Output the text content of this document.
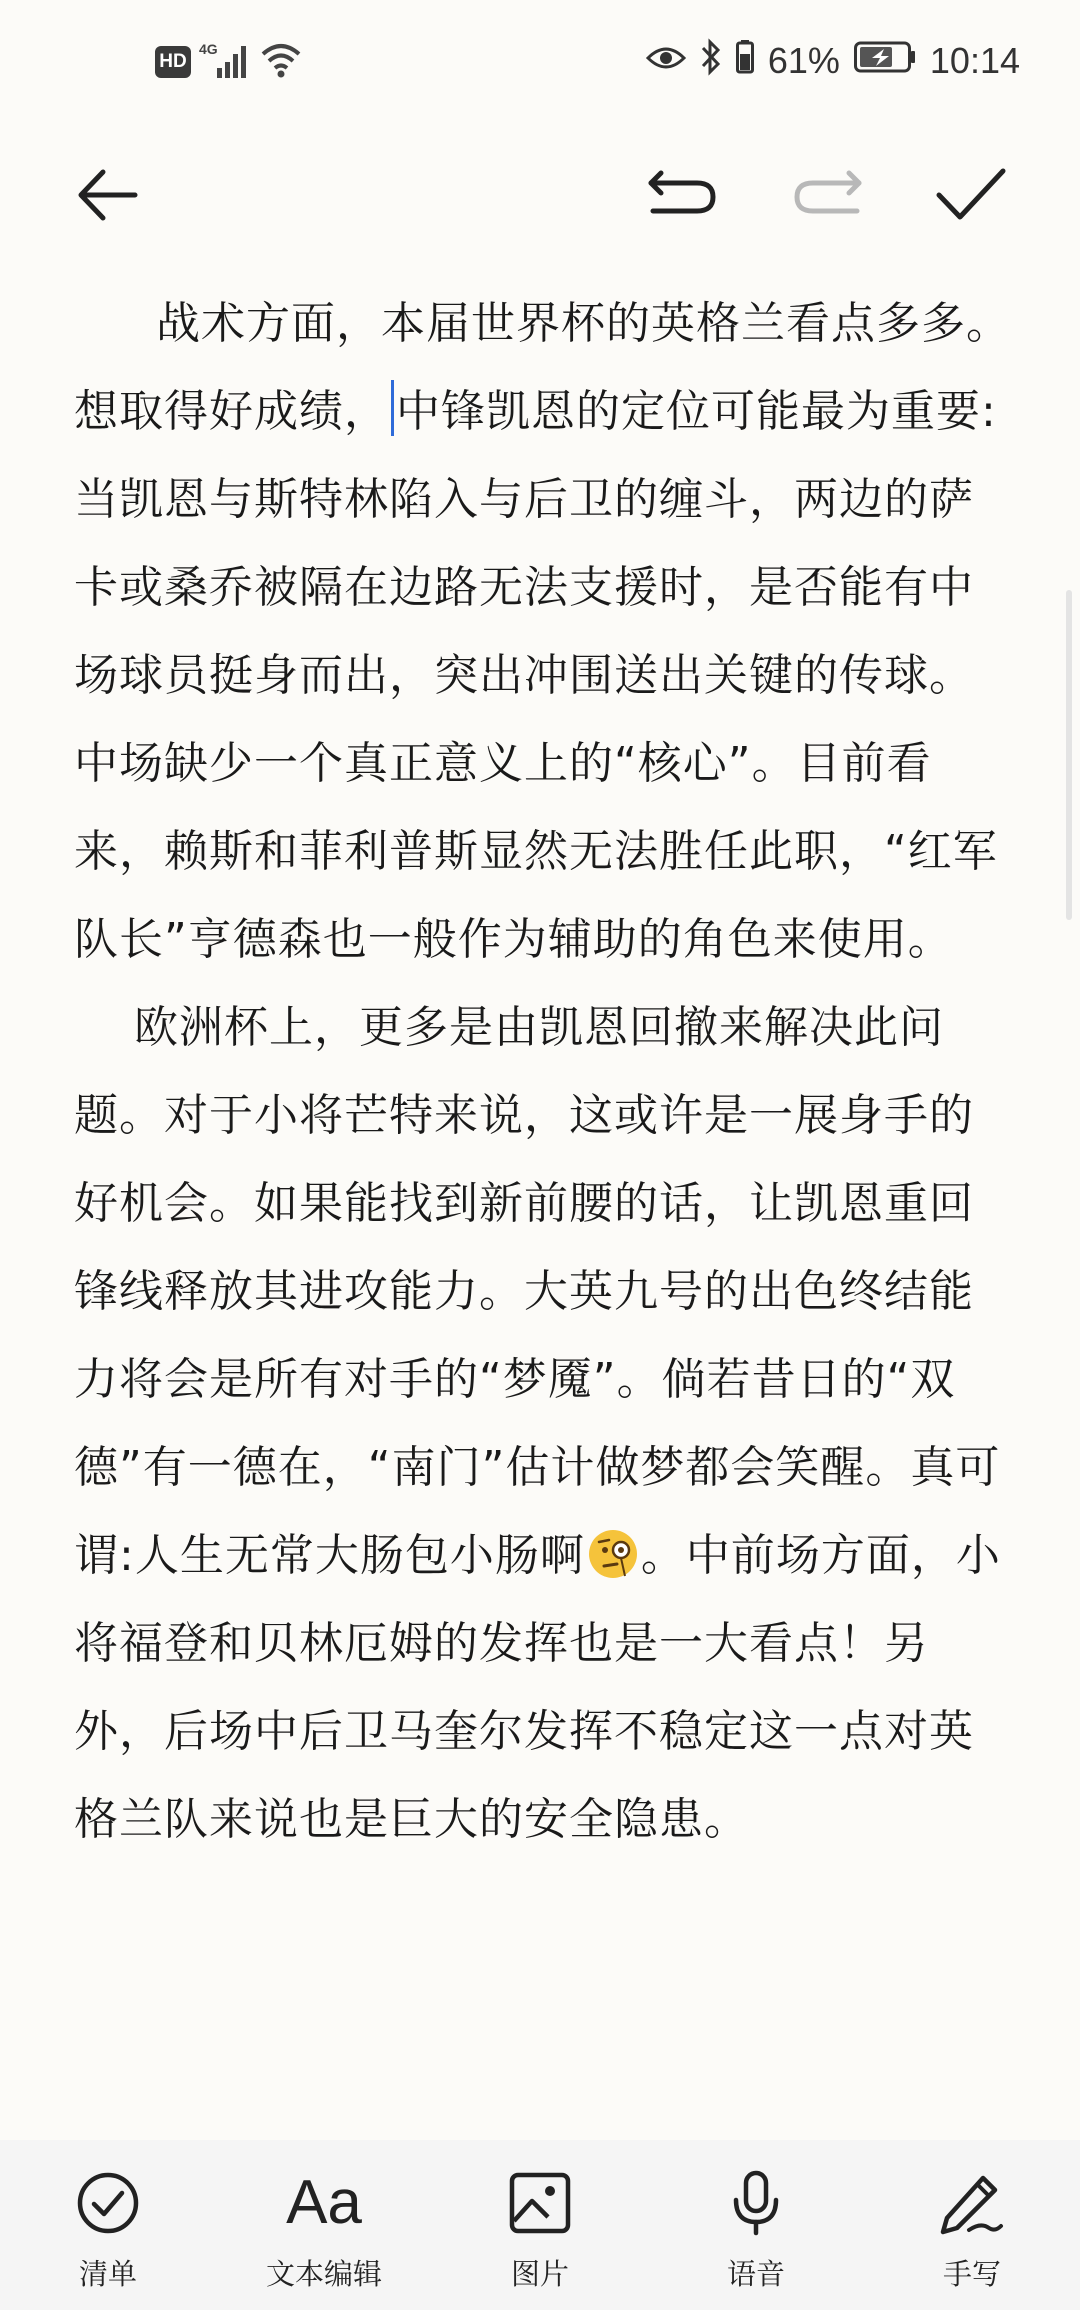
HD
4G	61%	10:14

战术方面，本届世界杯的英格兰看点多多。想取得好成绩， 中锋凯恩的定位可能最为重要:

当凯恩与斯特林陷入与后卫的缠斗，两边的萨卡或桑乔被隔在边路无法支援时，是否能有中场球员挺身而出，突出冲围送出关键的传球。中场缺少一个真正意义上的“核心”。目前看来，赖斯和菲利普斯显然无法胜任此职，“红军队长”亨德森也一般作为辅助的角色来使用。

欧洲杯上，更多是由凯恩回撤来解决此问题。对于小将芒特来说，这或许是一展身手的好机会。如果能找到新前腰的话，让凯恩重回锋线释放其进攻能力。大英九号的出色终结能力将会是所有对手的“梦魇”。倘若昔日的“双德”有一德在，“南门”估计做梦都会笑醒。真可谓:人生无常大肠包小肠啊 。中前场方面，小将福登和贝林厄姆的发挥也是一大看点！另外，后场中后卫马奎尔发挥不稳定这一点对英格兰队来说也是巨大的安全隐患。

清单
Aa
文本编辑	图片	语音	手写
